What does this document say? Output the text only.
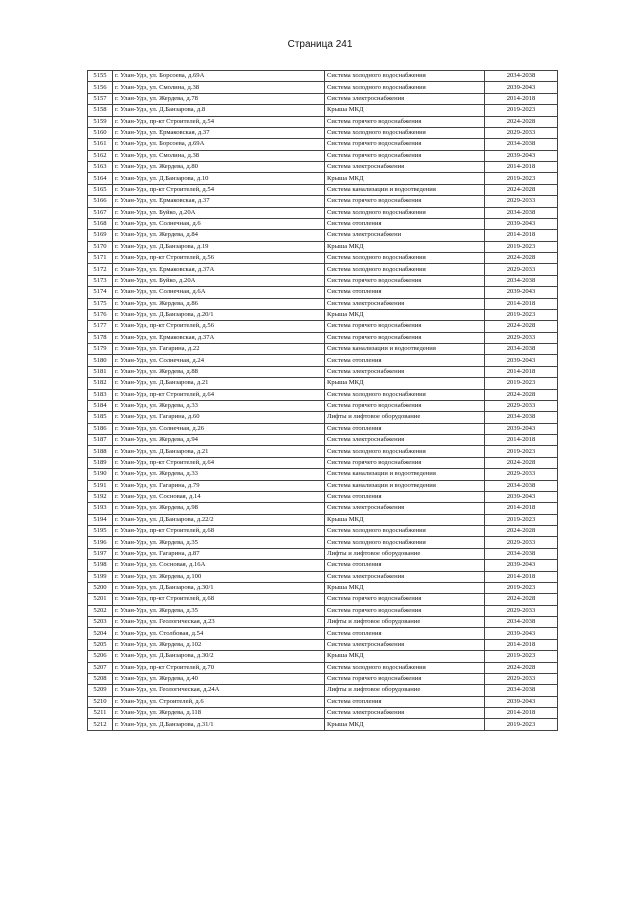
Страница 241
5155	г. Улан-Удэ, ул. Борсоева, д.69А	Система холодного водоснабжения	2034-2038
5156	г. Улан-Удэ, ул. Смолина, д.38	Система холодного водоснабжения	2039-2043
5157	г. Улан-Удэ, ул. Жердева, д.78	Система электроснабжения	2014-2018
5158	г. Улан-Удэ, ул. Д.Банзарова, д.8	Крыша МКД	2019-2023
5159	г. Улан-Удэ, пр-кт Строителей, д.54	Система горячего водоснабжения	2024-2028
5160	г. Улан-Удэ, ул. Ермаковская, д.37	Система холодного водоснабжения	2029-2033
5161	г. Улан-Удэ, ул. Борсоева, д.69А	Система горячего водоснабжения	2034-2038
5162	г. Улан-Удэ, ул. Смолина, д.38	Система горячего водоснабжения	2039-2043
5163	г. Улан-Удэ, ул. Жердева, д.80	Система электроснабжения	2014-2018
5164	г. Улан-Удэ, ул. Д.Банзарова, д.10	Крыша МКД	2019-2023
5165	г. Улан-Удэ, пр-кт Строителей, д.54	Система канализации и водоотведения	2024-2028
5166	г. Улан-Удэ, ул. Ермаковская, д.37	Система горячего водоснабжения	2029-2033
5167	г. Улан-Удэ, ул. Буйко, д.20А	Система холодного водоснабжения	2034-2038
5168	г. Улан-Удэ, ул. Солнечная, д.6	Система отопления	2039-2043
5169	г. Улан-Удэ, ул. Жердева, д.84	Система электроснабжени	2014-2018
5170	г. Улан-Удэ, ул. Д.Банзарова, д.19	Крыша МКД	2019-2023
5171	г. Улан-Удэ, пр-кт Строителей, д.56	Система холодного водоснабжения	2024-2028
5172	г. Улан-Удэ, ул. Ермаковская, д.37А	Система холодного водоснабжения	2029-2033
5173	г. Улан-Удэ, ул. Буйко, д.20А	Система горячего водоснабжения	2034-2038
5174	г. Улан-Удэ, ул. Солнечная, д.6А	Система отопления	2039-2043
5175	г. Улан-Удэ, ул. Жердева, д.86	Система электроснабжения	2014-2018
5176	г. Улан-Удэ, ул. Д.Банзарова, д.20/1	Крыша МКД	2019-2023
5177	г. Улан-Удэ, пр-кт Строителей, д.56	Система горячего водоснабжения	2024-2028
5178	г. Улан-Удэ, ул. Ермаковская, д.37А	Система горячего водоснабжения	2029-2033
5179	г. Улан-Удэ, ул. Гагарина, д.22	Система канализации и водоотведения	2034-2038
5180	г. Улан-Удэ, ул. Солнечная, д.24	Система отопления	2039-2043
5181	г. Улан-Удэ, ул. Жердева, д.88	Система электроснабжения	2014-2018
5182	г. Улан-Удэ, ул. Д.Банзарова, д.21	Крыша МКД	2019-2023
5183	г. Улан-Удэ, пр-кт Строителей, д.64	Система холодного водоснабжения	2024-2028
5184	г. Улан-Удэ, ул. Жердева, д.33	Система горячего водоснабжения	2029-2033
5185	г. Улан-Удэ, ул. Гагарина, д.60	Лифты и лифтовое оборудование	2034-2038
5186	г. Улан-Удэ, ул. Солнечная, д.26	Система отопления	2039-2043
5187	г. Улан-Удэ, ул. Жердева, д.94	Система электроснабжения	2014-2018
5188	г. Улан-Удэ, ул. Д.Банзарова, д.21	Система холодного водоснабжения	2019-2023
5189	г. Улан-Удэ, пр-кт Строителей, д.64	Система горячего водоснабжения	2024-2028
5190	г. Улан-Удэ, ул. Жердева, д.33	Система канализации и водоотведения	2029-2033
5191	г. Улан-Удэ, ул. Гагарина, д.79	Система канализации и водоотведения	2034-2038
5192	г. Улан-Удэ, ул. Сосновая, д.14	Система отопления	2039-2043
5193	г. Улан-Удэ, ул. Жердева, д.98	Система электроснабжения	2014-2018
5194	г. Улан-Удэ, ул. Д.Банзарова, д.22/2	Крыша МКД	2019-2023
5195	г. Улан-Удэ, пр-кт Строителей, д.68	Система холодного водоснабжения	2024-2028
5196	г. Улан-Удэ, ул. Жердева, д.35	Система холодного водоснабжения	2029-2033
5197	г. Улан-Удэ, ул. Гагарина, д.87	Лифты и лифтовое оборудование	2034-2038
5198	г. Улан-Удэ, ул. Сосновая, д.16А	Система отопления	2039-2043
5199	г. Улан-Удэ, ул. Жердева, д.100	Система электроснабжения	2014-2018
5200	г. Улан-Удэ, ул. Д.Банзарова, д.30/1	Крыша МКД	2019-2023
5201	г. Улан-Удэ, пр-кт Строителей, д.68	Система горячего водоснабжения	2024-2028
5202	г. Улан-Удэ, ул. Жердева, д.35	Система горячего водоснабжения	2029-2033
5203	г. Улан-Удэ, ул. Геологическая, д.23	Лифты и лифтовое оборудование	2034-2038
5204	г. Улан-Удэ, ул. Столбовая, д.54	Система отопления	2039-2043
5205	г. Улан-Удэ, ул. Жердева, д.102	Система электроснабжения	2014-2018
5206	г. Улан-Удэ, ул. Д.Банзарова, д.30/2	Крыша МКД	2019-2023
5207	г. Улан-Удэ, пр-кт Строителей, д.70	Система холодного водоснабжения	2024-2028
5208	г. Улан-Удэ, ул. Жердева, д.40	Система горячего водоснабжения	2029-2033
5209	г. Улан-Удэ, ул. Геологическая, д.24А	Лифты и лифтовое оборудование	2034-2038
5210	г. Улан-Удэ, ул. Строителей, д.6	Система отопления	2039-2043
5211	г. Улан-Удэ, ул. Жердева, д.118	Система электроснабжения	2014-2018
5212	г. Улан-Удэ, ул. Д.Банзарова, д.31/1	Крыша МКД	2019-2023
